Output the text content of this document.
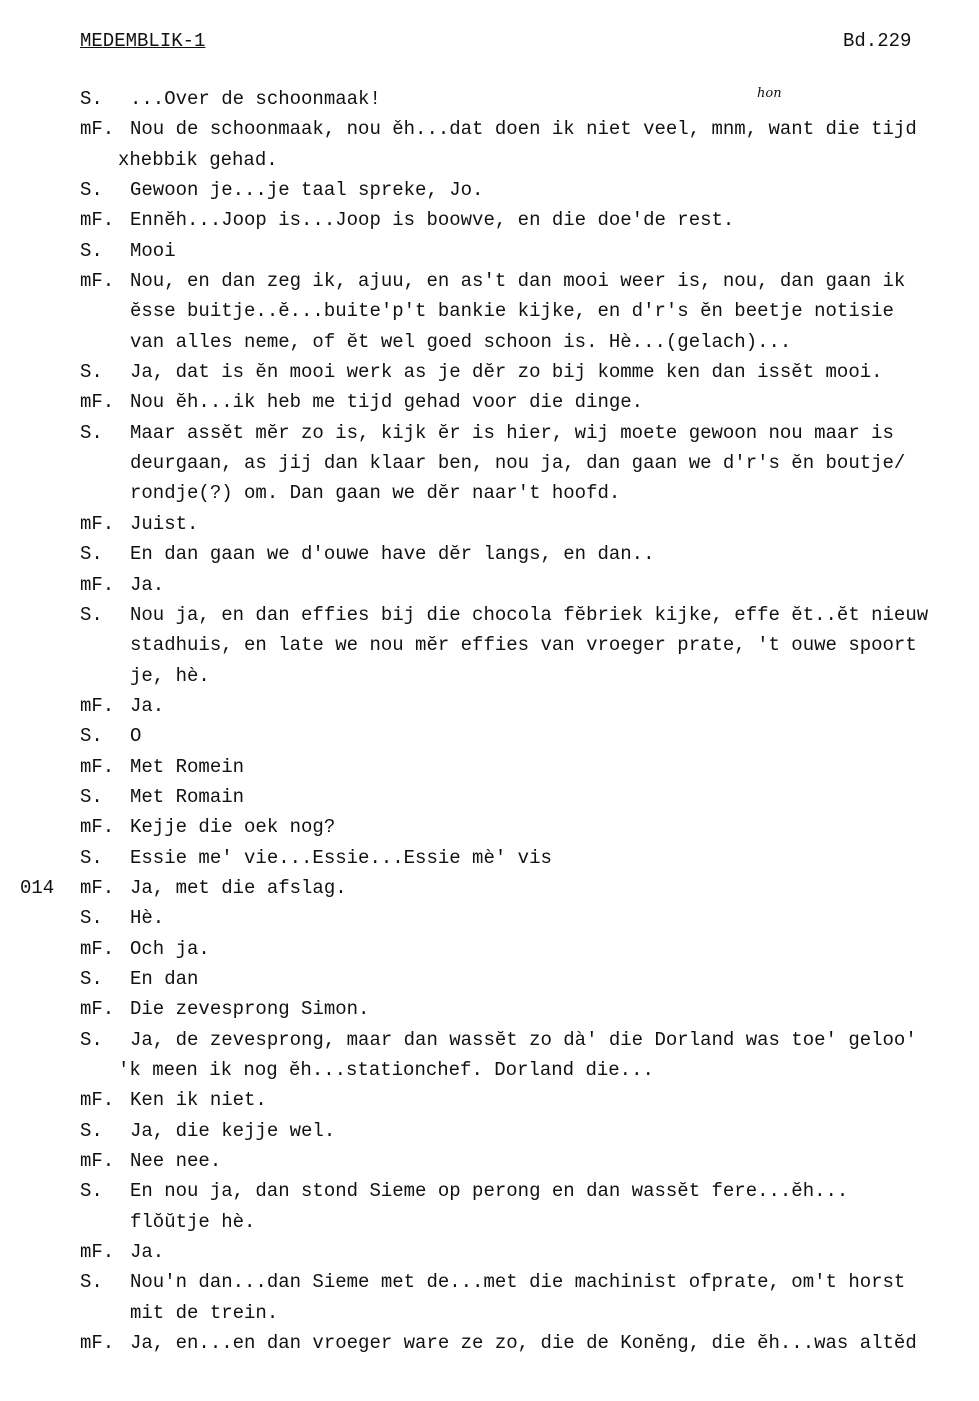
MEDEMBLIK-1	Bd.229
hon
S. ...Over de schoonmaak!
mF. Nou de schoonmaak, nou ěh...dat doen ik niet veel, mnm, want die tijd
xhebbik gehad.
S. Gewoon je...je taal spreke, Jo.
mF. Ennĕh...Joop is...Joop is boowve, en die doe'de rest.
S. Mooi
mF. Nou, en dan zeg ik, ajuu, en as't dan mooi weer is, nou, dan gaan ik
ĕsse buitje..ĕ...buite'p't bankie kijke, en d'r's ĕn beetje notisie
van alles neme, of ĕt wel goed schoon is. Hè...(gelach)...
S. Ja, dat is ĕn mooi werk as je dĕr zo bij komme ken dan issĕt mooi.
mF. Nou ĕh...ik heb me tijd gehad voor die dinge.
S. Maar assĕt mĕr zo is, kijk ĕr is hier, wij moete gewoon nou maar is
deurgaan, as jij dan klaar ben, nou ja, dan gaan we d'r's ĕn boutje/
rondje(?) om. Dan gaan we dĕr naar't hoofd.
mF. Juist.
S. En dan gaan we d'ouwe have dĕr langs, en dan..
mF. Ja.
S. Nou ja, en dan effies bij die chocola fĕbriek kijke, effe ĕt..ĕt nieuw
stadhuis, en late we nou mĕr effies van vroeger prate, 't ouwe spoort
je, hè.
mF. Ja.
S. O
mF. Met Romein
S. Met Romain
mF. Kejje die oek nog?
S. Essie me' vie...Essie...Essie mè' vis
014 mF. Ja, met die afslag.
S. Hè.
mF. Och ja.
S. En dan
mF. Die zevesprong Simon.
S. Ja, de zevesprong, maar dan wassĕt zo dà' die Dorland was toe' geloo'
'k meen ik nog ĕh...stationchef. Dorland die...
mF. Ken ik niet.
S. Ja, die kejje wel.
mF. Nee nee.
S. En nou ja, dan stond Sieme op perong en dan wassĕt fere...ĕh...
flŏŭtje hè.
mF. Ja.
S. Nou'n dan...dan Sieme met de...met die machinist ofprate, om't horst
mit de trein.
mF. Ja, en...en dan vroeger ware ze zo, die de Konĕng, die ĕh...was altĕd
